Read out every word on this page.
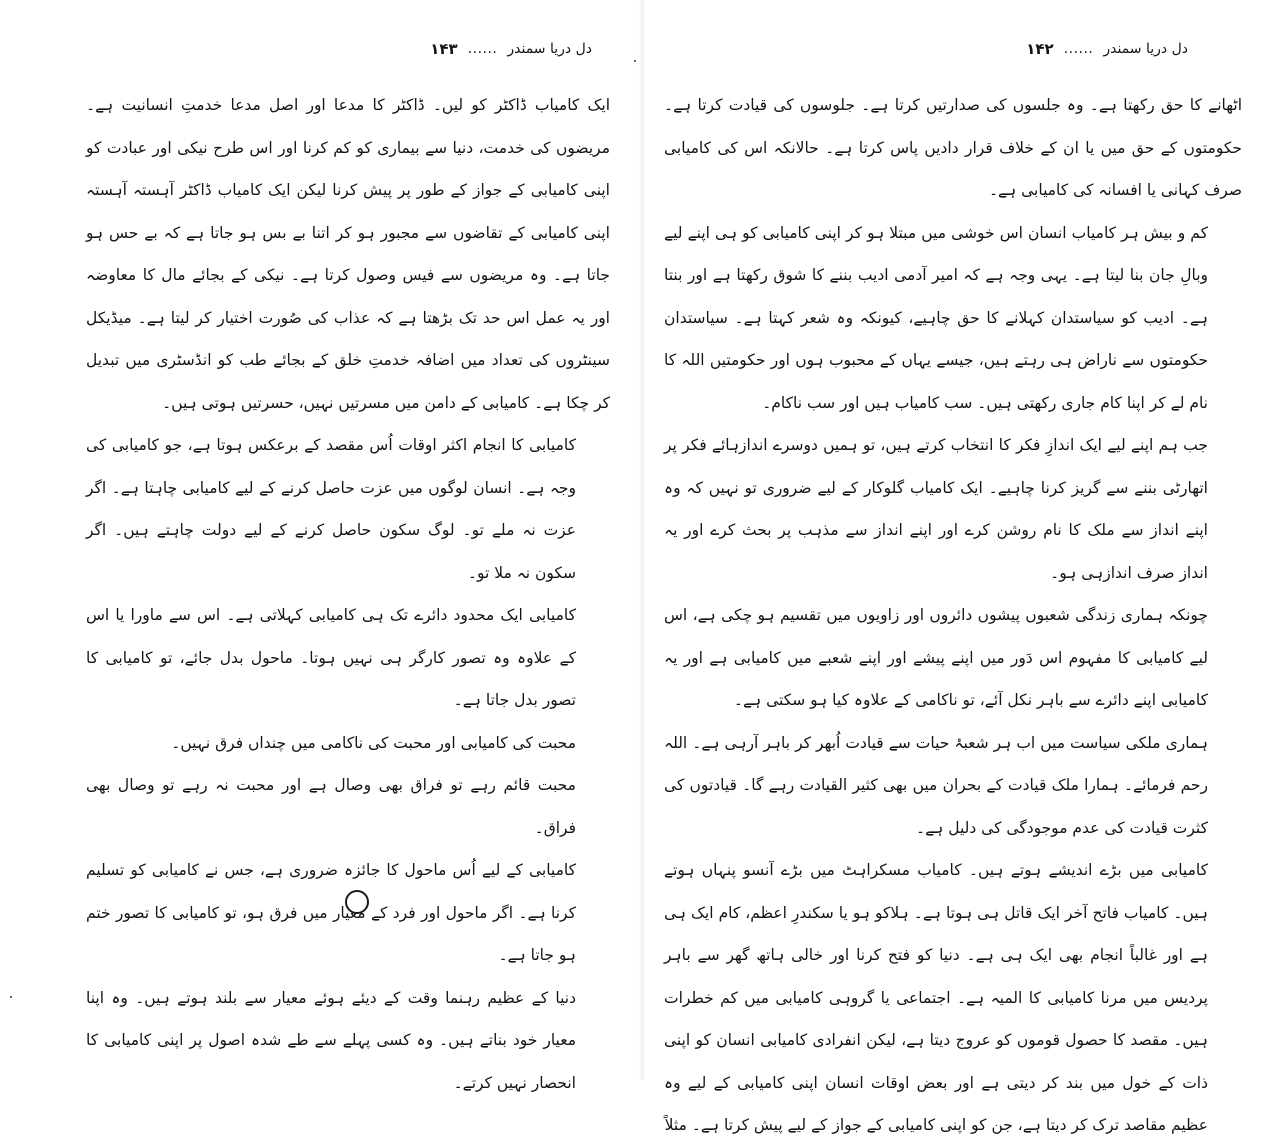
دل دریا سمندر
......
۱۴۳

ایک کامیاب ڈاکٹر کو لیں۔ ڈاکٹر کا مدعا اور اصل مدعا خدمتِ انسانیت ہے۔ مریضوں کی خدمت، دنیا سے بیماری کو کم کرنا اور اس طرح نیکی اور عبادت کو اپنی کامیابی کے جواز کے طور پر پیش کرنا لیکن ایک کامیاب ڈاکٹر آہستہ آہستہ اپنی کامیابی کے تقاضوں سے مجبور ہو کر اتنا بے بس ہو جاتا ہے کہ بے حس ہو جاتا ہے۔ وہ مریضوں سے فیس وصول کرتا ہے۔ نیکی کے بجائے مال کا معاوضہ اور یہ عمل اس حد تک بڑھتا ہے کہ عذاب کی صُورت اختیار کر لیتا ہے۔ میڈیکل سینٹروں کی تعداد میں اضافہ خدمتِ خلق کے بجائے طب کو انڈسٹری میں تبدیل کر چکا ہے۔ کامیابی کے دامن میں مسرتیں نہیں، حسرتیں ہوتی ہیں۔

کامیابی کا انجام اکثر اوقات اُس مقصد کے برعکس ہوتا ہے، جو کامیابی کی وجہ ہے۔ انسان لوگوں میں عزت حاصل کرنے کے لیے کامیابی چاہتا ہے۔ اگر عزت نہ ملے تو۔ لوگ سکون حاصل کرنے کے لیے دولت چاہتے ہیں۔ اگر سکون نہ ملا تو۔

کامیابی ایک محدود دائرے تک ہی کامیابی کہلاتی ہے۔ اس سے ماورا یا اس کے علاوہ وہ تصور کارگر ہی نہیں ہوتا۔ ماحول بدل جائے، تو کامیابی کا تصور بدل جاتا ہے۔

محبت کی کامیابی اور محبت کی ناکامی میں چنداں فرق نہیں۔

محبت قائم رہے تو فراق بھی وصال ہے اور محبت نہ رہے تو وصال بھی فراق۔

کامیابی کے لیے اُس ماحول کا جائزہ ضروری ہے، جس نے کامیابی کو تسلیم کرنا ہے۔ اگر ماحول اور فرد کے معیار میں فرق ہو، تو کامیابی کا تصور ختم ہو جاتا ہے۔

دنیا کے عظیم رہنما وقت کے دیئے ہوئے معیار سے بلند ہوتے ہیں۔ وہ اپنا معیار خود بناتے ہیں۔ وہ کسی پہلے سے طے شدہ اصول پر اپنی کامیابی کا انحصار نہیں کرتے۔

دل دریا سمندر
......
۱۴۲

اٹھانے کا حق رکھتا ہے۔ وہ جلسوں کی صدارتیں کرتا ہے۔ جلوسوں کی قیادت کرتا ہے۔ حکومتوں کے حق میں یا ان کے خلاف قرار دادیں پاس کرتا ہے۔ حالانکہ اس کی کامیابی صرف کہانی یا افسانہ کی کامیابی ہے۔

کم و بیش ہر کامیاب انسان اس خوشی میں مبتلا ہو کر اپنی کامیابی کو ہی اپنے لیے وبالِ جان بنا لیتا ہے۔ یہی وجہ ہے کہ امیر آدمی ادیب بننے کا شوق رکھتا ہے اور بنتا ہے۔ ادیب کو سیاستدان کہلانے کا حق چاہیے، کیونکہ وہ شعر کہتا ہے۔ سیاستدان حکومتوں سے ناراض ہی رہتے ہیں، جیسے یہاں کے محبوب ہوں اور حکومتیں اللہ کا نام لے کر اپنا کام جاری رکھتی ہیں۔ سب کامیاب ہیں اور سب ناکام۔

جب ہم اپنے لیے ایک اندازِ فکر کا انتخاب کرتے ہیں، تو ہمیں دوسرے اندازہائے فکر پر اتھارٹی بننے سے گریز کرنا چاہیے۔ ایک کامیاب گلوکار کے لیے ضروری تو نہیں کہ وہ اپنے انداز سے ملک کا نام روشن کرے اور اپنے انداز سے مذہب پر بحث کرے اور یہ انداز صرف اندازہی ہو۔

چونکہ ہماری زندگی شعبوں پیشوں دائروں اور زاویوں میں تقسیم ہو چکی ہے، اس لیے کامیابی کا مفہوم اس دَور میں اپنے پیشے اور اپنے شعبے میں کامیابی ہے اور یہ کامیابی اپنے دائرے سے باہر نکل آئے، تو ناکامی کے علاوہ کیا ہو سکتی ہے۔

ہماری ملکی سیاست میں اب ہر شعبۂ حیات سے قیادت اُبھر کر باہر آرہی ہے۔ اللہ رحم فرمائے۔ ہمارا ملک قیادت کے بحران میں بھی کثیر القیادت رہے گا۔ قیادتوں کی کثرت قیادت کی عدم موجودگی کی دلیل ہے۔

کامیابی میں بڑے اندیشے ہوتے ہیں۔ کامیاب مسکراہٹ میں بڑے آنسو پنہاں ہوتے ہیں۔ کامیاب فاتح آخر ایک قاتل ہی ہوتا ہے۔ ہلاکو ہو یا سکندرِ اعظم، کام ایک ہی ہے اور غالباً انجام بھی ایک ہی ہے۔ دنیا کو فتح کرنا اور خالی ہاتھ گھر سے باہر پردیس میں مرنا کامیابی کا المیہ ہے۔ اجتماعی یا گروہی کامیابی میں کم خطرات ہیں۔ مقصد کا حصول قوموں کو عروج دیتا ہے، لیکن انفرادی کامیابی انسان کو اپنی ذات کے خول میں بند کر دیتی ہے اور بعض اوقات انسان اپنی کامیابی کے لیے وہ عظیم مقاصد ترک کر دیتا ہے، جن کو اپنی کامیابی کے جواز کے لیے پیش کرتا ہے۔ مثلاً
